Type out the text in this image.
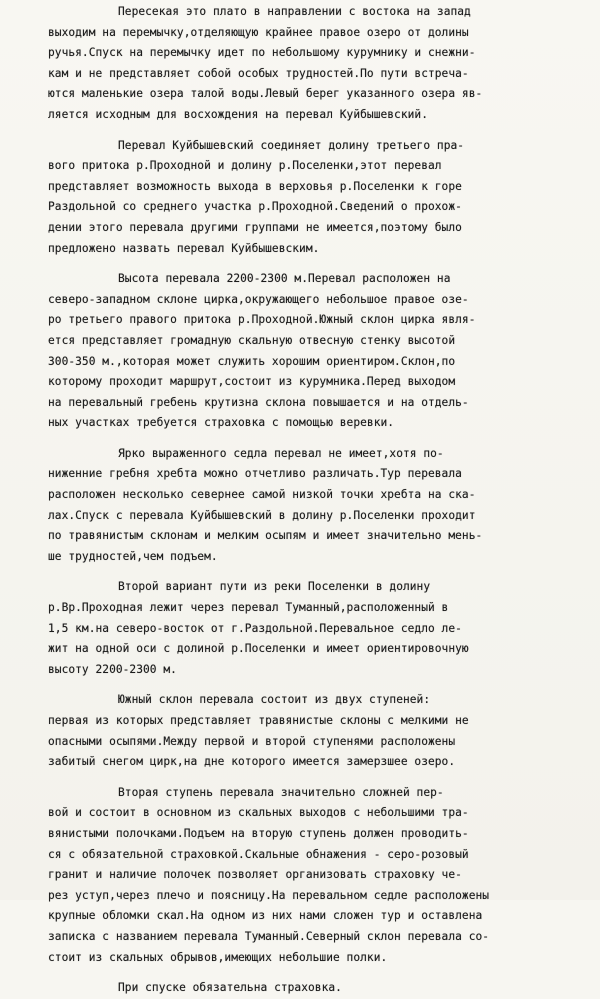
Пересекая это плато в направлении с востока на запад
выходим на перемычку,отделяющую крайнее правое озеро от долины
ручья.Спуск на перемычку идет по небольшому курумнику и снежни-
кам и не представляет собой особых трудностей.По пути встреча-
ются маленькие озера талой воды.Левый берег указанного озера яв-
ляется исходным для восхождения на перевал Куйбышевский.
Перевал Куйбышевский соединяет долину третьего пра-
вого притока р.Проходной и долину р.Поселенки,этот перевал
представляет возможность выхода в верховья р.Поселенки к горе
Раздольной со среднего участка р.Проходной.Сведений о прохож-
дении этого перевала другими группами не имеется,поэтому было
предложено назвать перевал Куйбышевским.
Высота перевала 2200-2300 м.Перевал расположен на
северо-западном склоне цирка,окружающего небольшое правое озе-
ро третьего правого притока р.Проходной.Южный склон цирка явля-
ется представляет громадную скальную отвесную стенку высотой
300-350 м.,которая может служить хорошим ориентиром.Склон,по
которому проходит маршрут,состоит из курумника.Перед выходом
на перевальный гребень крутизна склона повышается и на отдель-
ных участках требуется страховка с помощью веревки.
Ярко выраженного седла перевал не имеет,хотя по-
ниженние гребня хребта можно отчетливо различать.Тур перевала
расположен несколько севернее самой низкой точки хребта на ска-
лах.Спуск с перевала Куйбышевский в долину р.Поселенки проходит
по травянистым склонам и мелким осыпям и имеет значительно мень-
ше трудностей,чем подъем.
Второй вариант пути из реки Поселенки в долину
р.Вр.Проходная лежит через перевал Туманный,расположенный в
1,5 км.на северо-восток от г.Раздольной.Перевальное седло ле-
жит на одной оси с долиной р.Поселенки и имеет ориентировочную
высоту 2200-2300 м.
Южный склон перевала состоит из двух ступеней:
первая из которых представляет травянистые склоны с мелкими не
опасными осыпями.Между первой и второй ступенями расположены
забитый снегом цирк,на дне которого имеется замерзшее озеро.
Вторая ступень перевала значительно сложней пер-
вой и состоит в основном из скальных выходов с небольшими тра-
вянистыми полочками.Подъем на вторую ступень должен проводить-
ся с обязательной страховкой.Скальные обнажения - серо-розовый
гранит и наличие полочек позволяет организовать страховку че-
рез уступ,через плечо и поясницу.На перевальном седле расположены
крупные обломки скал.На одном из них нами сложен тур и оставлена
записка с названием перевала Туманный.Северный склон перевала со-
стоит из скальных обрывов,имеющих небольшие полки.
При спуске обязательна страховка.
